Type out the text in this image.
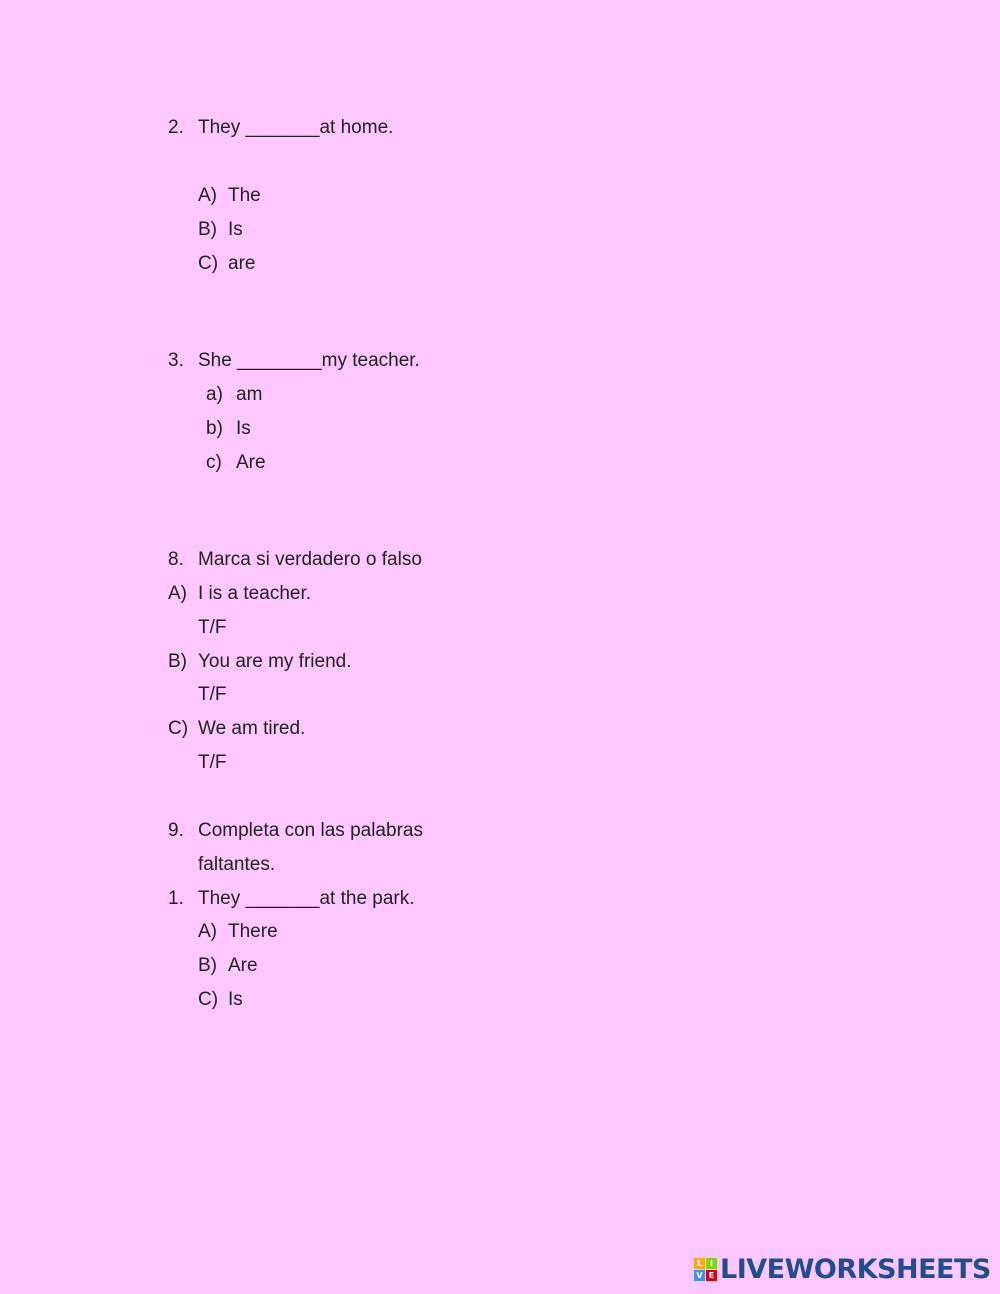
2. They _______at home.
A) The
B) Is
C) are
3. She ________my teacher.
a) am
b) Is
c) Are
8. Marca si verdadero o falso
A) I is a teacher.
T/F
B) You are my friend.
T/F
C) We am tired.
T/F
9. Completa con las palabras
faltantes.
1. They _______at the park.
A) There
B) Are
C) Is
L I
V E LIVEWORKSHEETS
